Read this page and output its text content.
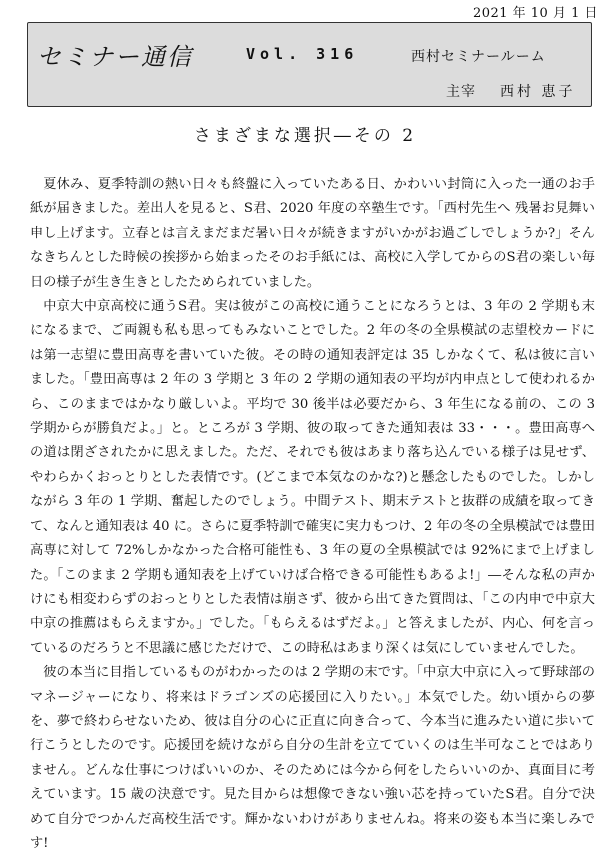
2021 年 10 月 1 日
セミナー通信	Vol. 316	西村セミナールーム
主宰 西村 恵子
さまざまな選択―その 2

夏休み、夏季特訓の熱い日々も終盤に入っていたある日、かわいい封筒に入った一通のお手紙が届きました。差出人を見ると、S君、2020 年度の卒塾生です。「西村先生へ 残暑お見舞い申し上げます。立春とは言えまだまだ暑い日々が続きますがいかがお過ごしでしょうか?」そんなきちんとした時候の挨拶から始まったそのお手紙には、高校に入学してからのS君の楽しい毎日の様子が生き生きとしたためられていました。

中京大中京高校に通うS君。実は彼がこの高校に通うことになろうとは、3 年の 2 学期も末になるまで、ご両親も私も思ってもみないことでした。2 年の冬の全県模試の志望校カードには第一志望に豊田高専を書いていた彼。その時の通知表評定は 35 しかなくて、私は彼に言いました。「豊田高専は 2 年の 3 学期と 3 年の 2 学期の通知表の平均が内申点として使われるから、このままではかなり厳しいよ。平均で 30 後半は必要だから、3 年生になる前の、この 3 学期からが勝負だよ。」と。ところが 3 学期、彼の取ってきた通知表は 33・・・。豊田高専への道は閉ざされたかに思えました。ただ、それでも彼はあまり落ち込んでいる様子は見せず、やわらかくおっとりとした表情です。(どこまで本気なのかな?)と懸念したものでした。しかしながら 3 年の 1 学期、奮起したのでしょう。中間テスト、期末テストと抜群の成績を取ってきて、なんと通知表は 40 に。さらに夏季特訓で確実に実力もつけ、2 年の冬の全県模試では豊田高専に対して 72%しかなかった合格可能性も、3 年の夏の全県模試では 92%にまで上げました。「このまま 2 学期も通知表を上げていけば合格できる可能性もあるよ!」―そんな私の声かけにも相変わらずのおっとりとした表情は崩さず、彼から出てきた質問は、「この内申で中京大中京の推薦はもらえますか。」でした。「もらえるはずだよ。」と答えましたが、内心、何を言っているのだろうと不思議に感じただけで、この時私はあまり深くは気にしていませんでした。

彼の本当に目指しているものがわかったのは 2 学期の末です。「中京大中京に入って野球部のマネージャーになり、将来はドラゴンズの応援団に入りたい。」本気でした。幼い頃からの夢を、夢で終わらせないため、彼は自分の心に正直に向き合って、今本当に進みたい道に歩いて行こうとしたのです。応援団を続けながら自分の生計を立てていくのは生半可なことではありません。どんな仕事につけばいいのか、そのためには今から何をしたらいいのか、真面目に考えています。15 歳の決意です。見た目からは想像できない強い芯を持っていたS君。自分で決めて自分でつかんだ高校生活です。輝かないわけがありませんね。将来の姿も本当に楽しみです!
